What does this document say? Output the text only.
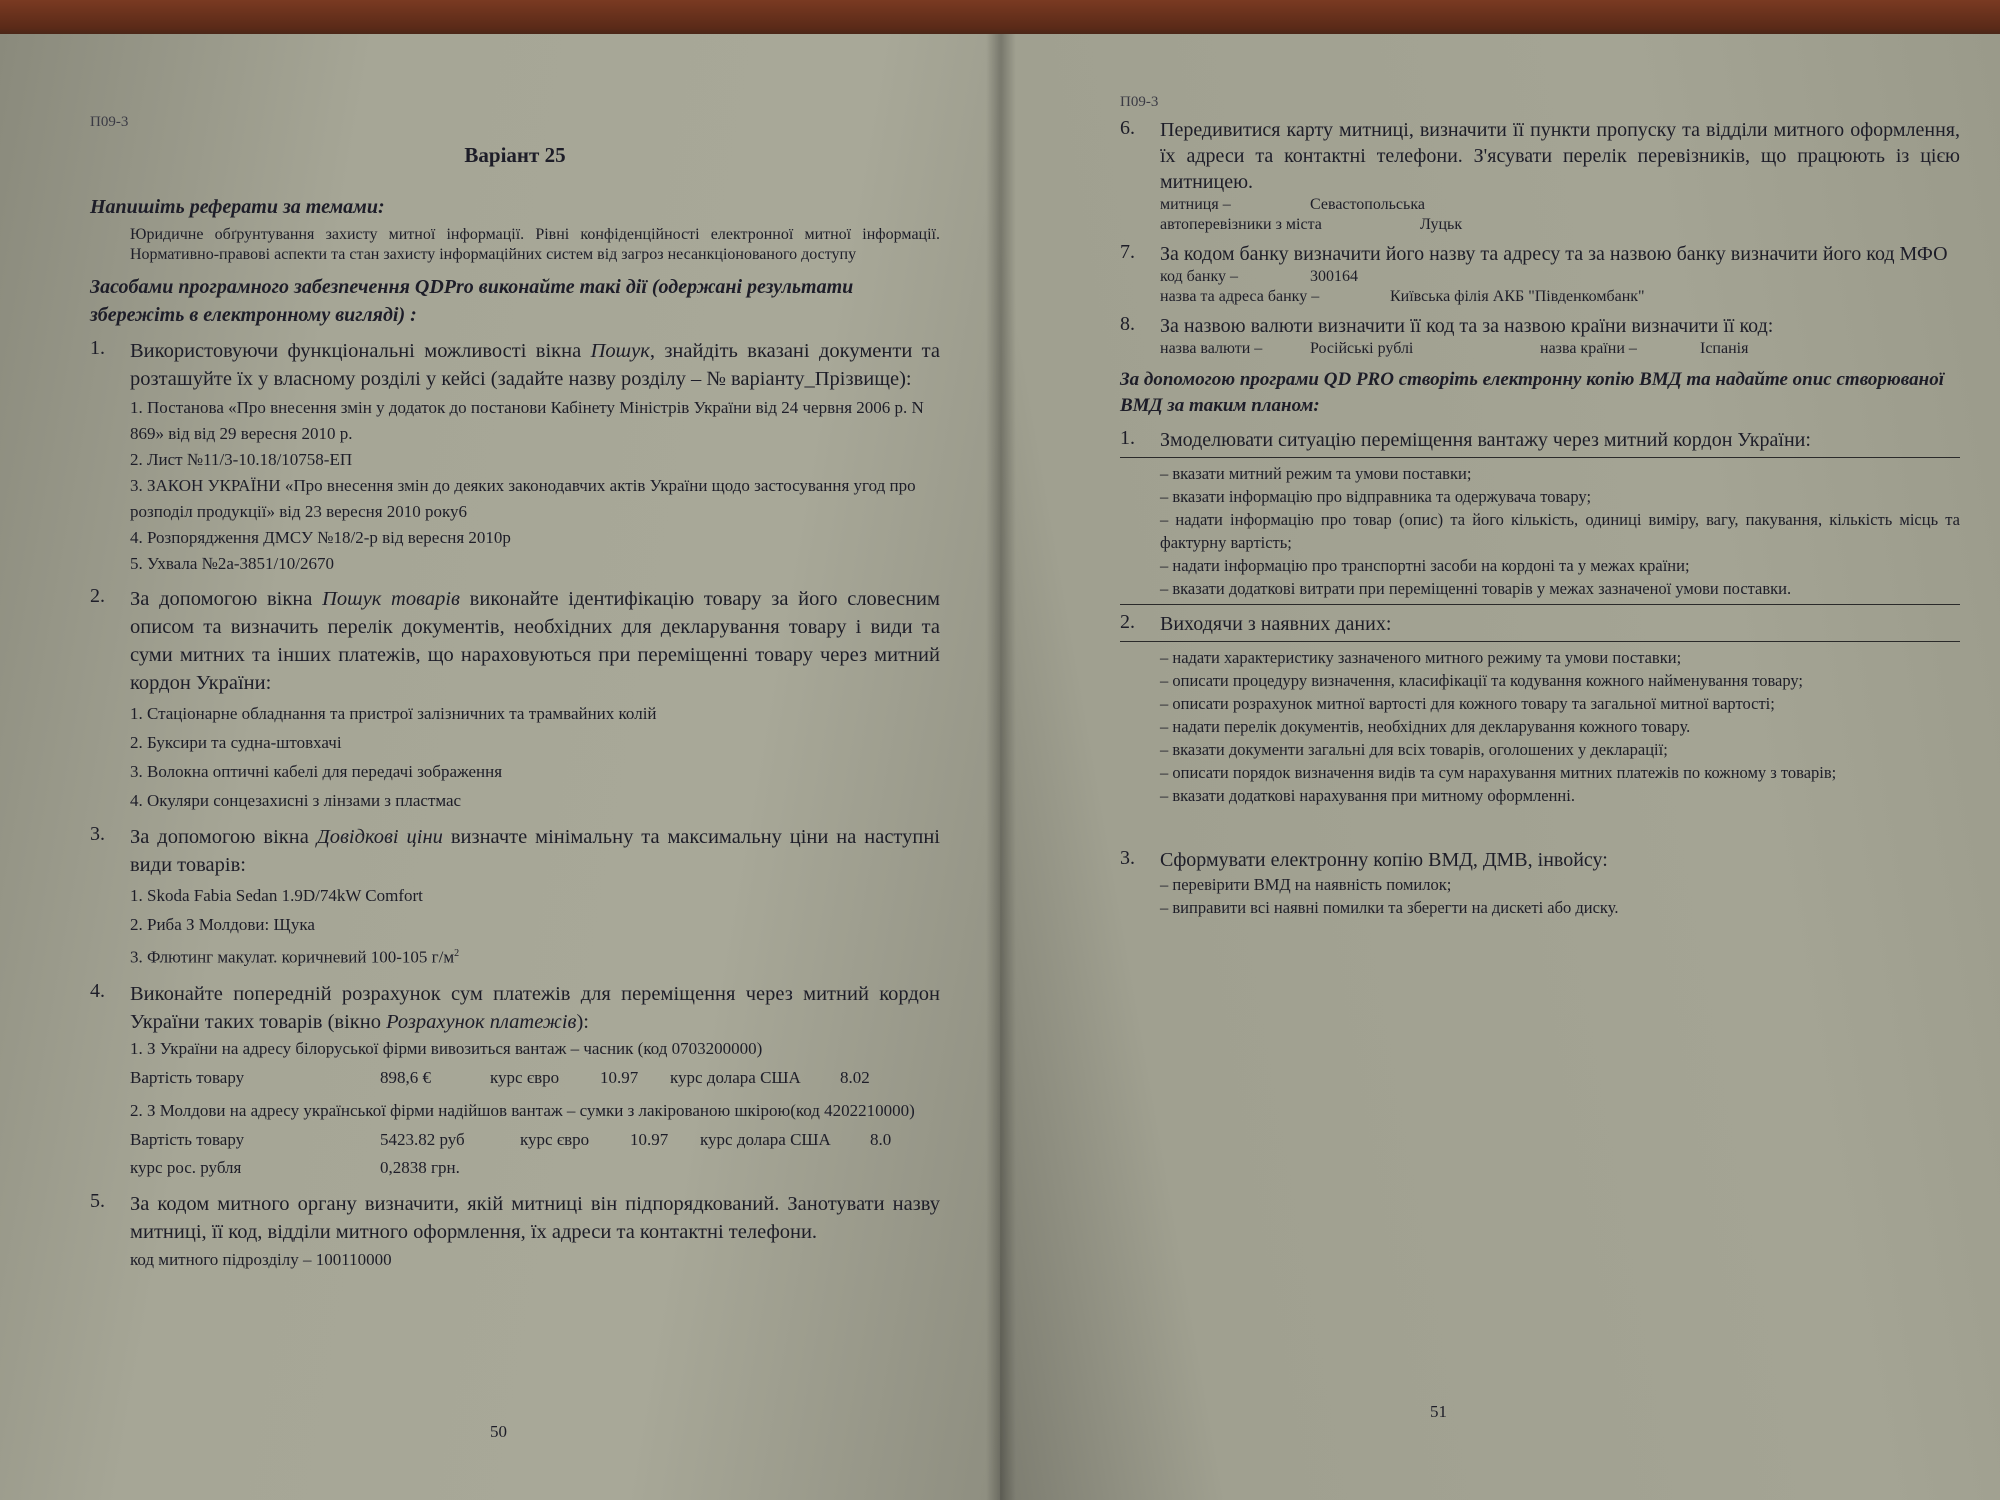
П09-3

Варіант 25
Напишіть реферати за темами:
Юридичне обґрунтування захисту митної інформації. Рівні конфіденційності електронної митної інформації. Нормативно-правові аспекти та стан захисту інформаційних систем від загроз несанкціонованого доступу
Засобами програмного забезпечення QDPro виконайте такі дії (одержані результати збережіть в електронному вигляді) :
1.	Використовуючи функціональні можливості вікна Пошук, знайдіть вказані документи та розташуйте їх у власному розділі у кейсі (задайте назву розділу – № варіанту_Прізвище):
1. Постанова «Про внесення змін у додаток до постанови Кабінету Міністрів України від 24 червня 2006 р. N 869» від від 29 вересня 2010 р.
2. Лист №11/3-10.18/10758-ЕП
3. ЗАКОН УКРАЇНИ «Про внесення змін до деяких законодавчих актів України щодо застосування угод про розподіл продукції» від 23 вересня 2010 року6
4. Розпорядження ДМСУ №18/2-р від вересня 2010р
5. Ухвала №2а-3851/10/2670
2.	За допомогою вікна Пошук товарів виконайте ідентифікацію товару за його словесним описом та визначить перелік документів, необхідних для декларування товару і види та суми митних та інших платежів, що нараховуються при переміщенні товару через митний кордон України:
1. Стаціонарне обладнання та пристрої залізничних та трамвайних колій
2. Буксири та судна-штовхачі
3. Волокна оптичні кабелі для передачі зображення
4. Окуляри сонцезахисні з лінзами з пластмас
3.	За допомогою вікна Довідкові ціни визначте мінімальну та максимальну ціни на наступні види товарів:
1. Skoda Fabia Sedan 1.9D/74kW Comfort
2. Риба З Молдови: Щука
3. Флютинг макулат. коричневий 100-105 $г/м^2$
4.	Виконайте попередній розрахунок сум платежів для переміщення через митний кордон України таких товарів (вікно Розрахунок платежів):
1. З України на адресу білоруської фірми вивозиться вантаж – часник (код 0703200000)
Вартість товару	898,6 €	курс євро	10.97	курс долара США	8.02
2. З Молдови на адресу української фірми надійшов вантаж – сумки з лакірованою шкірою(код 4202210000)
Вартість товару	5423.82 руб	курс євро	10.97	курс долара США	8.0
курс рос. рубля	0,2838 грн.
5.	За кодом митного органу визначити, якій митниці він підпорядкований. Занотувати назву митниці, її код, відділи митного оформлення, їх адреси та контактні телефони.
код митного підрозділу – 100110000
50

П09-3

6.	Передивитися карту митниці, визначити її пункти пропуску та відділи митного оформлення, їх адреси та контактні телефони. З'ясувати перелік перевізників, що працюють із цією митницею.
митниця –	Севастопольська
автоперевізники з міста	Луцьк
7.	За кодом банку визначити його назву та адресу та за назвою банку визначити його код МФО
код банку –	300164
назва та адреса банку –	Київська філія АКБ "Південкомбанк"
8.	За назвою валюти визначити її код та за назвою країни визначити її код:
назва валюти –	Російські рублі	назва країни –	Іспанія
За допомогою програми QD PRO створіть електронну копію ВМД та надайте опис створюваної ВМД за таким планом:
1.	Змоделювати ситуацію переміщення вантажу через митний кордон України:
– вказати митний режим та умови поставки;
– вказати інформацію про відправника та одержувача товару;
– надати інформацію про товар (опис) та його кількість, одиниці виміру, вагу, пакування, кількість місць та фактурну вартість;
– надати інформацію про транспортні засоби на кордоні та у межах країни;
– вказати додаткові витрати при переміщенні товарів у межах зазначеної умови поставки.
2.	Виходячи з наявних даних:
– надати характеристику зазначеного митного режиму та умови поставки;
– описати процедуру визначення, класифікації та кодування кожного найменування товару;
– описати розрахунок митної вартості для кожного товару та загальної митної вартості;
– надати перелік документів, необхідних для декларування кожного товару.
– вказати документи загальні для всіх товарів, оголошених у декларації;
– описати порядок визначення видів та сум нарахування митних платежів по кожному з товарів;
– вказати додаткові нарахування при митному оформленні.
3.	Сформувати електронну копію ВМД, ДМВ, інвойсу:
– перевірити ВМД на наявність помилок;
– виправити всі наявні помилки та зберегти на дискеті або диску.
51
